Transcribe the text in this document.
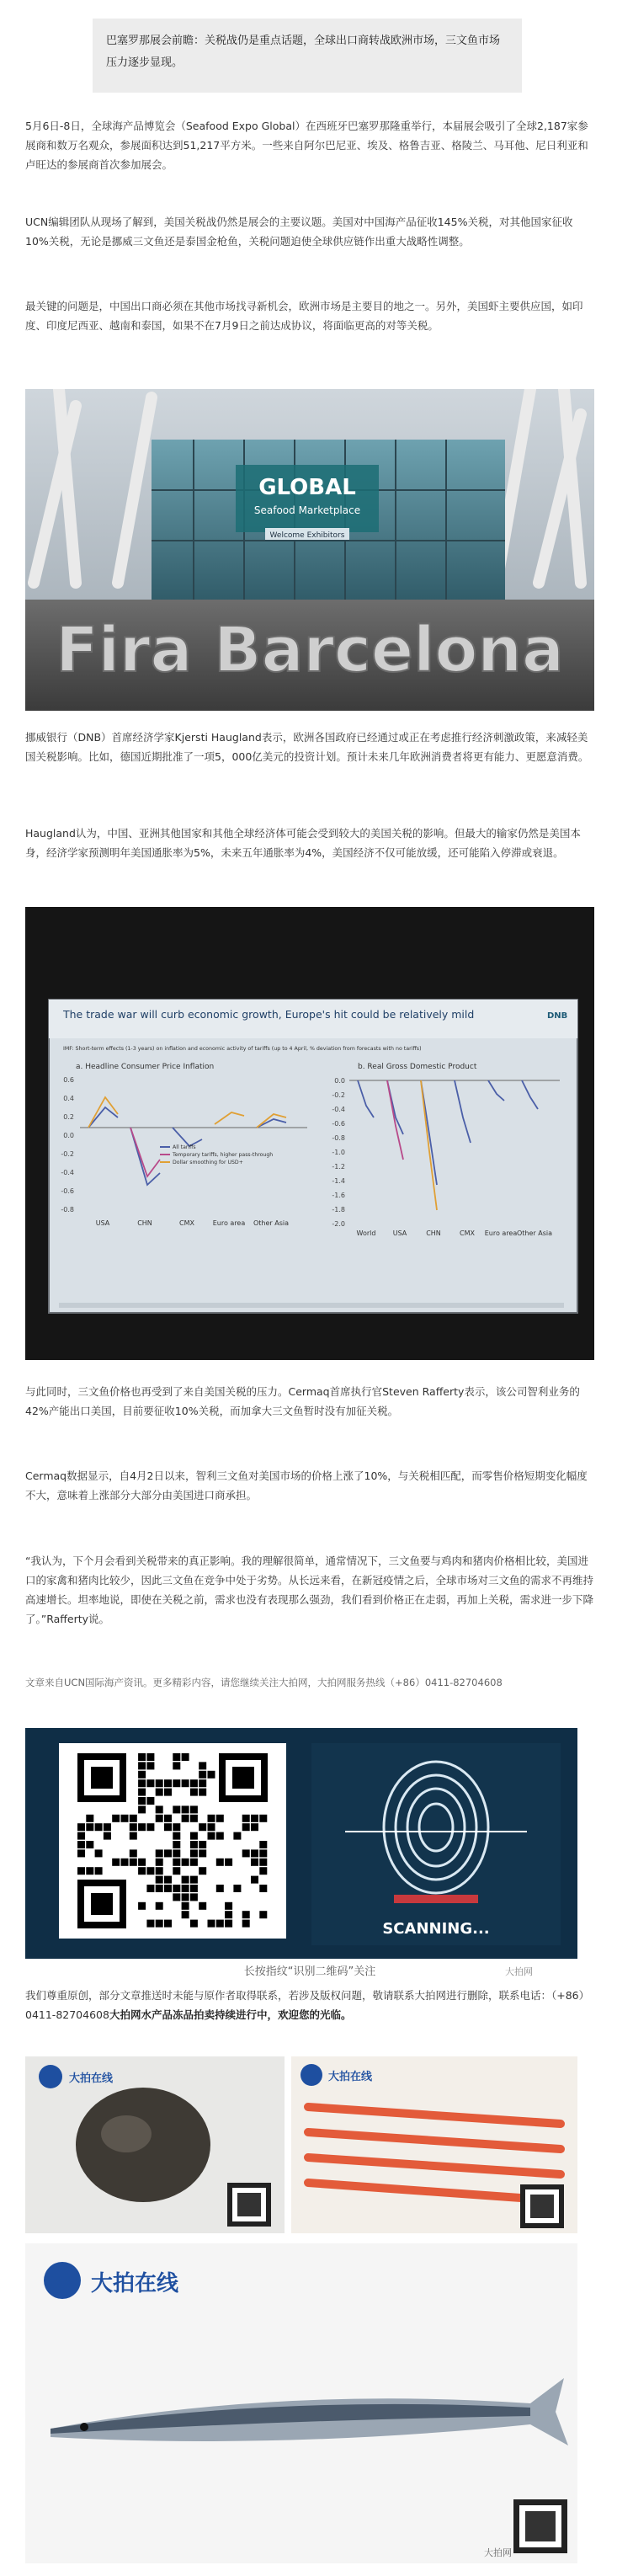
巴塞罗那展会前瞻：关税战仍是重点话题，全球出口商转战欧洲市场，三文鱼市场压力逐步显现。
5月6日-8日，全球海产品博览会（Seafood Expo Global）在西班牙巴塞罗那隆重举行，本届展会吸引了全球2,187家参展商和数万名观众，参展面积达到51,217平方米。一些来自阿尔巴尼亚、埃及、格鲁吉亚、格陵兰、马耳他、尼日利亚和卢旺达的参展商首次参加展会。
UCN编辑团队从现场了解到，美国关税战仍然是展会的主要议题。美国对中国海产品征收145%关税，对其他国家征收10%关税，无论是挪威三文鱼还是泰国金枪鱼，关税问题迫使全球供应链作出重大战略性调整。
最关键的问题是，中国出口商必须在其他市场找寻新机会，欧洲市场是主要目的地之一。另外，美国虾主要供应国，如印度、印度尼西亚、越南和泰国，如果不在7月9日之前达成协议，将面临更高的对等关税。
GLOBAL
Seafood Marketplace
Welcome Exhibitors
Fira Barcelona
挪威银行（DNB）首席经济学家Kjersti Haugland表示，欧洲各国政府已经通过或正在考虑推行经济刺激政策，来减轻美国关税影响。比如，德国近期批准了一项5，000亿美元的投资计划。预计未来几年欧洲消费者将更有能力、更愿意消费。
Haugland认为，中国、亚洲其他国家和其他全球经济体可能会受到较大的美国关税的影响。但最大的输家仍然是美国本身，经济学家预测明年美国通胀率为5%，未来五年通胀率为4%，美国经济不仅可能放缓，还可能陷入停滞或衰退。
The trade war will curb economic growth, Europe's hit could be relatively mild	DNB
IMF: Short-term effects (1-3 years) on inflation and economic activity of tariffs (up to 4 April, % deviation from forecasts with no tariffs)
a. Headline Consumer Price Inflation	b. Real Gross Domestic Product
0.6
0.4
0.2
0.0
-0.2
-0.4
-0.6
-0.8
0.0
-0.2
-0.4
-0.6
-0.8
-1.0
-1.2
-1.4
-1.6
-1.8
-2.0
USA	CHN	CMX	Euro area Other Asia
World	USA	CHN	CMX Euro area Other Asia
All tariffs
Temporary tariffs, higher pass-through
Dollar smoothing for USD+
与此同时，三文鱼价格也再受到了来自美国关税的压力。Cermaq首席执行官Steven Rafferty表示，该公司智利业务的42%产能出口美国，目前要征收10%关税，而加拿大三文鱼暂时没有加征关税。
Cermaq数据显示，自4月2日以来，智利三文鱼对美国市场的价格上涨了10%，与关税相匹配，而零售价格短期变化幅度不大，意味着上涨部分大部分由美国进口商承担。
“我认为，下个月会看到关税带来的真正影响。我的理解很简单，通常情况下，三文鱼要与鸡肉和猪肉价格相比较，美国进口的家禽和猪肉比较少，因此三文鱼在竞争中处于劣势。从长远来看，在新冠疫情之后，全球市场对三文鱼的需求不再维持高速增长。坦率地说，即使在关税之前，需求也没有表现那么强劲，我们看到价格正在走弱，再加上关税，需求进一步下降了。”Rafferty说。
文章来自UCN国际海产资讯。更多精彩内容，请您继续关注大拍网，大拍网服务热线（+86）0411-82704608
SCANNING...
长按指纹“识别二维码”关注	大拍网
我们尊重原创，部分文章推送时未能与原作者取得联系，若涉及版权问题，敬请联系大拍网进行删除，联系电话：（+86）0411-82704608大拍网水产品冻品拍卖持续进行中，欢迎您的光临。
大拍在线	大拍在线
大拍在线
大拍网
